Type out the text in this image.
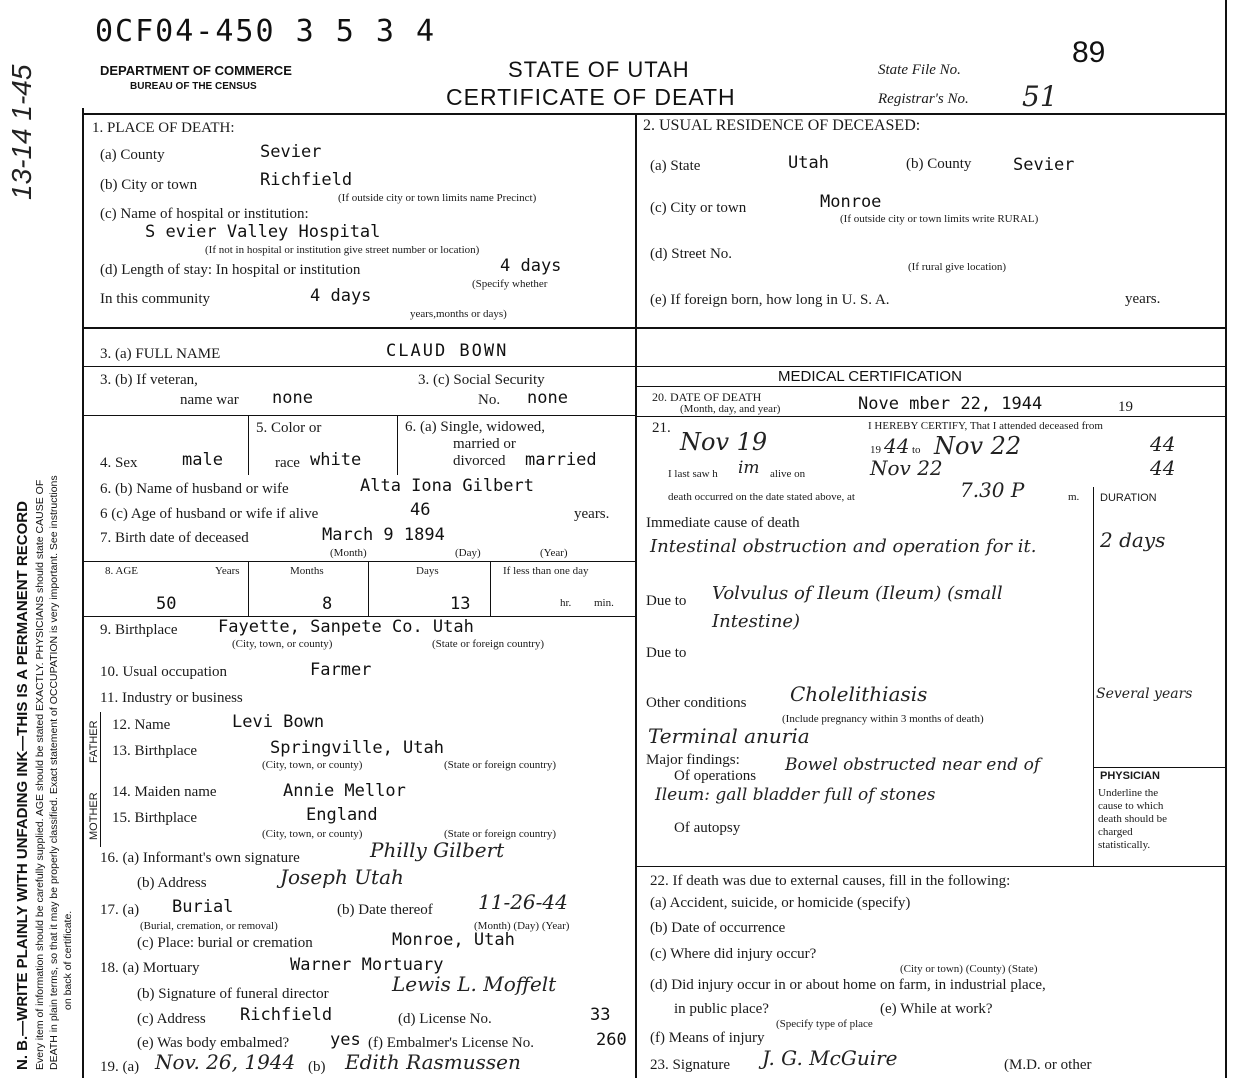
N. B.—WRITE PLAINLY WITH UNFADING INK—THIS IS A PERMANENT RECORD Every item of information should be carefully supplied. AGE should be stated EXACTLY. PHYSICIANS should state CAUSE OF DEATH in plain terms, so that it may be properly classified. Exact statement of OCCUPATION is very important. See instructions on back of certificate.
13-14 1-45
0CF04-450 3 5 3 4
DEPARTMENT OF COMMERCE
BUREAU OF THE CENSUS
STATE OF UTAH
CERTIFICATE OF DEATH
State File No.
89
Registrar's No. 51
1. PLACE OF DEATH:
(a) County	Sevier
(b) City or town	Richfield
(If outside city or town limits name Precinct)
(c) Name of hospital or institution:
S evier Valley Hospital
(If not in hospital or institution give street number or location)
(d) Length of stay: In hospital or institution	4 days
(Specify whether
In this community	4 days
years,months or days)
2. USUAL RESIDENCE OF DECEASED:
(a) State	Utah	(b) County Sevier
(c) City or town	Monroe
(If outside city or town limits write RURAL)
(d) Street No.
(If rural give location)
(e) If foreign born, how long in U. S. A.	years.
3. (a) FULL NAME	CLAUD BOWN
3. (b) If veteran,
name war none
3. (c) Social Security
No. none
5. Color or	6. (a) Single, widowed,
married or
divorced married
4. Sex	male	race white
6. (b) Name of husband or wife	Alta Iona Gilbert
6 (c) Age of husband or wife if alive	46	years.
7. Birth date of deceased	March 9 1894
(Month)	(Day)	(Year)
8. AGE	Years	Months	Days	If less than one day
50	8	13	hr. min.
9. Birthplace Fayette, Sanpete Co. Utah
(City, town, or county)	(State or foreign country)
10. Usual occupation	Farmer
11. Industry or business
FATHER
MOTHER
12. Name	Levi Bown
13. Birthplace	Springville, Utah
(City, town, or county)	(State or foreign country)
14. Maiden name	Annie Mellor
15. Birthplace	England
(City, town, or county)	(State or foreign country)
16. (a) Informant's own signature	Philly Gilbert
(b) Address	Joseph Utah
17. (a) Burial
(Burial, cremation, or removal)
(b) Date thereof 11-26-44
(Month) (Day) (Year)
(c) Place: burial or cremation	Monroe, Utah
18. (a) Mortuary	Warner Mortuary
(b) Signature of funeral director	Lewis L. Moffelt
(c) Address Richfield	(d) License No.	33
(e) Was body embalmed? yes (f) Embalmer's License No.	260
19. (a) Nov. 26, 1944 (b) Edith Rasmussen
MEDICAL CERTIFICATION
20. DATE OF DEATH
(Month, day, and year)	Nove mber 22, 1944	19
21.	I HEREBY CERTIFY, That I attended deceased from
Nov 19	19 44 to Nov 22	44
I last saw h im alive on	Nov 22	44
death occurred on the date stated above, at	7.30 P	m. DURATION
Immediate cause of death
Intestinal obstruction and operation for it.	2 days
Due to Volvulus of Ileum (Ileum) (small Intestine)
Due to
Other conditions Cholelithiasis	Several years
(Include pregnancy within 3 months of death)
Terminal anuria
Major findings:
Of operations
Bowel obstructed near end of Ileum: gall bladder full of stones
Of autopsy
PHYSICIAN
Underline the cause to which death should be charged statistically.
22. If death was due to external causes, fill in the following:
(a) Accident, suicide, or homicide (specify)
(b) Date of occurrence
(c) Where did injury occur?
(City or town) (County) (State)
(d) Did injury occur in or about home on farm, in industrial place,
in public place?	(e) While at work?
(Specify type of place
(f) Means of injury
23. Signature J. G. McGuire	(M.D. or other
